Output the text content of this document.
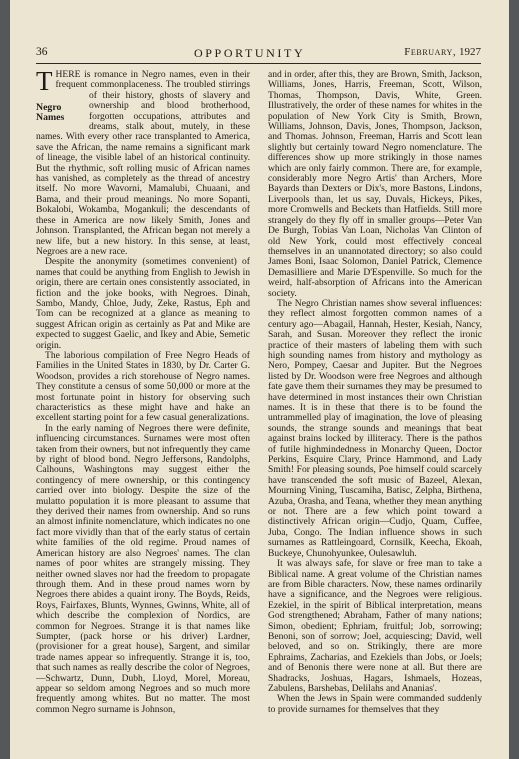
36	OPPORTUNITY	February, 1927

T
Negro
Names
HERE is romance in Negro names, even in their frequent commonplaceness. The troubled stirrings of their history, ghosts of slavery and ownership and blood brotherhood, forgotten occupations, attributes and dreams, stalk about, mutely, in these names. With every other race transplanted to America, save the African, the name remains a significant mark of lineage, the visible label of an historical continuity. But the rhythmic, soft rolling music of African names has vanished, as completely as the thread of ancestry itself. No more Wavorni, Mamalubi, Chuaani, and Bama, and their proud meanings. No more Sopanti, Bokalobi, Wokamba, Mogankuli; the descendants of these in America are now likely Smith, Jones and Johnson. Transplanted, the African began not merely a new life, but a new history. In this sense, at least, Negroes are a new race.

Despite the anonymity (sometimes convenient) of names that could be anything from English to Jewish in origin, there are certain ones consistently associated, in fiction and the joke books, with Negroes. Dinah, Sambo, Mandy, Chloe, Judy, Zeke, Rastus, Eph and Tom can be recognized at a glance as meaning to suggest African origin as certainly as Pat and Mike are expected to suggest Gaelic, and Ikey and Abie, Semetic origin.

The laborious compilation of Free Negro Heads of Families in the United States in 1830, by Dr. Carter G. Woodson, provides a rich storehouse of Negro names. They constitute a census of some 50,000 or more at the most fortunate point in history for observing such characteristics as these might have and hake an excellent starting point for a few casual generalizations.

In the early naming of Negroes there were definite, influencing circumstances. Surnames were most often taken from their owners, but not infrequently they came by right of blood bond. Negro Jeffersons, Randolphs, Calhouns, Washingtons may suggest either the contingency of mere ownership, or this contingency carried over into biology. Despite the size of the mulatto population it is more pleasant to assume that they derived their names from ownership. And so runs an almost infinite nomenclature, which indicates no one fact more vividly than that of the early status of certain white families of the old regime. Proud names of American history are also Negroes' names. The clan names of poor whites are strangely missing. They neither owned slaves nor had the freedom to propagate through them. And in these proud names worn by Negroes there abides a quaint irony. The Boyds, Reids, Roys, Fairfaxes, Blunts, Wynnes, Gwinns, White, all of which describe the complexion of Nordics, are common for Negroes. Strange it is that names like Sumpter, (pack horse or his driver) Lardner, (provisioner for a great house), Sargent, and similar trade names appear so infrequently. Strange it is, too, that such names as really describe the color of Negroes,—Schwartz, Dunn, Dubh, Lloyd, Morel, Moreau, appear so seldom among Negroes and so much more frequently among whites. But no matter. The most common Negro surname is Johnson,

and in order, after this, they are Brown, Smith, Jackson, Williams, Jones, Harris, Freeman, Scott, Wilson, Thomas, Thompson, Davis, White, Green. Illustratively, the order of these names for whites in the population of New York City is Smith, Brown, Williams, Johnson, Davis, Jones, Thompson, Jackson, and Thomas. Johnson, Freeman, Harris and Scott lean slightly but certainly toward Negro nomenclature. The differences show up more strikingly in those names which are only fairly common. There are, for example, considerably more Negro Artis' than Archers, More Bayards than Dexters or Dix's, more Bastons, Lindons, Liverpools than, let us say, Duvals, Hickeys, Pikes, more Cromwells and Beckets than Hatfields. Still more strangely do they fly off in smaller groups—Peter Van De Burgh, Tobias Van Loan, Nicholas Van Clinton of old New York, could most effectively conceal themselves in an unannotated directory; so also could James Boni, Isaac Solomon, Daniel Patrick, Clemence Demasilliere and Marie D'Espenville. So much for the weird, half-absorption of Africans into the American society.

The Negro Christian names show several influences: they reflect almost forgotten common names of a century ago—Abagail, Hannah, Hester, Kesiah, Nancy, Sarah, and Susan. Moreover they reflect the ironic practice of their masters of labeling them with such high sounding names from history and mythology as Nero, Pompey, Caesar and Jupiter. But the Negroes listed by Dr. Woodson were free Negroes and although fate gave them their surnames they may be presumed to have determined in most instances their own Christian names. It is in these that there is to be found the untrammelled play of imagination, the love of pleasing sounds, the strange sounds and meanings that beat against brains locked by illiteracy. There is the pathos of futile highmindedness in Monarchy Queen, Doctor Perkins, Esquire Clary, Prince Hammond, and Lady Smith! For pleasing sounds, Poe himself could scarcely have transcended the soft music of Bazeel, Alexan, Mourning Vining, Tuscamiha, Batisc, Zelpha, Birthena, Azuba, Orasha, and Teana, whether they mean anything or not. There are a few which point toward a distinctively African origin—Cudjo, Quam, Cuffee, Juba, Congo. The Indian influence shows in such surnames as Rattleingoard, Cornsilk, Keecha, Ekoah, Buckeye, Chunohyunkee, Oulesawluh.

It was always safe, for slave or free man to take a Biblical name. A great volume of the Christian names are from Bible characters. Now, these names ordinarily have a significance, and the Negroes were religious. Ezekiel, in the spirit of Biblical interpretation, means God strengthened; Abraham, Father of many nations; Simon, obedient; Ephriam, fruitful; Job, sorrowing; Benoni, son of sorrow; Joel, acquiescing; David, well beloved, and so on. Strikingly, there are more Ephraims, Zacharias, and Ezekiels than Jobs, or Joels; and of Benonis there were none at all. But there are Shadracks, Joshuas, Hagars, Ishmaels, Hozeas, Zabulens, Barshebas, Delilahs and Ananias'.

When the Jews in Spain were commanded suddenly to provide surnames for themselves that they
